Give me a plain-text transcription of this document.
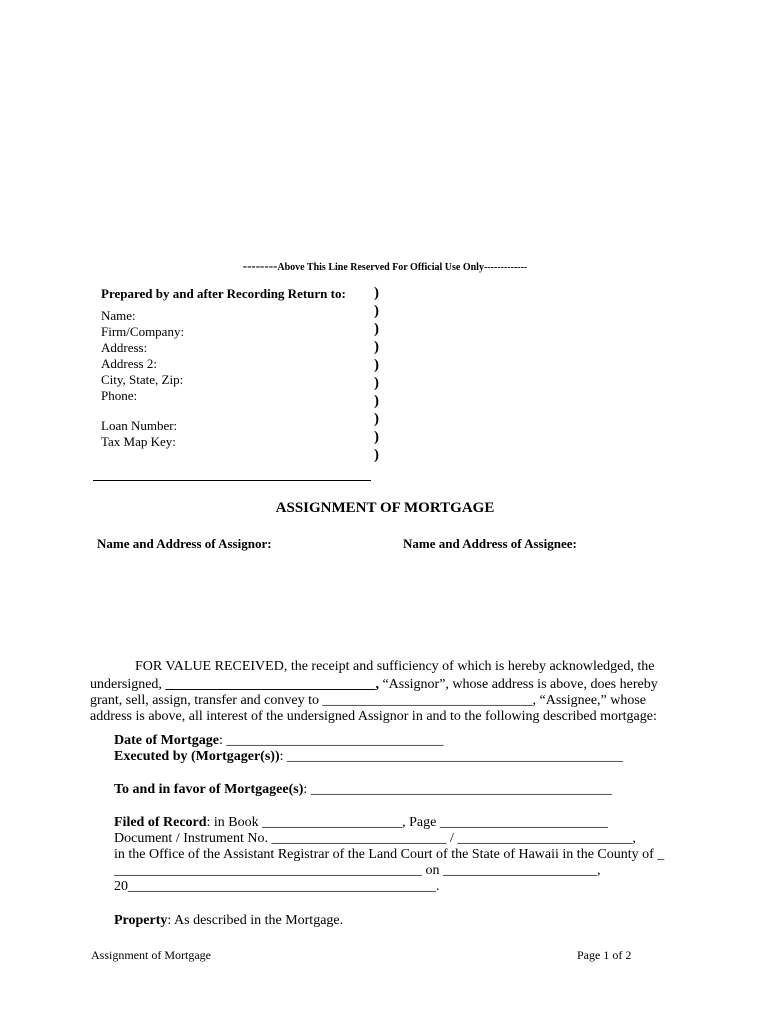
--------Above This Line Reserved For Official Use Only-------------
Prepared by and after Recording Return to:
Name:
Firm/Company:
Address:
Address 2:
City, State, Zip:
Phone:
Loan Number:
Tax Map Key:
)
)
)
)
)
)
)
)
)
)
ASSIGNMENT OF MORTGAGE
Name and Address of Assignor:	Name and Address of Assignee:
FOR VALUE RECEIVED, the receipt and sufficiency of which is hereby acknowledged, the
undersigned, ______________________________, “Assignor”, whose address is above, does hereby
grant, sell, assign, transfer and convey to ______________________________, “Assignee,” whose
address is above, all interest of the undersigned Assignor in and to the following described mortgage:
Date of Mortgage: _______________________________
Executed by (Mortgager(s)): ________________________________________________
To and in favor of Mortgagee(s): ___________________________________________
Filed of Record: in Book ____________________, Page ________________________
Document / Instrument No. _________________________ / _________________________,
in the Office of the Assistant Registrar of the Land Court of the State of Hawaii in the County of _
____________________________________________ on ______________________,
20____________________________________________.
Property: As described in the Mortgage.
Assignment of Mortgage	Page 1 of 2
